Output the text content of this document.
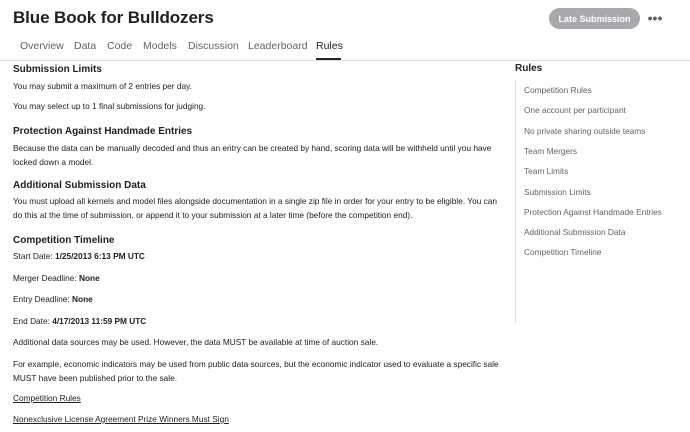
Blue Book for Bulldozers	Late Submission	•••
Overview Data Code Models Discussion Leaderboard Rules
Submission Limits
You may submit a maximum of 2 entries per day.
You may select up to 1 final submissions for judging.
Protection Against Handmade Entries
Because the data can be manually decoded and thus an entry can be created by hand, scoring data will be withheld until you have locked down a model.
Additional Submission Data
You must upload all kernels and model files alongside documentation in a single zip file in order for your entry to be eligible. You can do this at the time of submission, or append it to your submission at a later time (before the competition end).
Competition Timeline
Start Date: 1/25/2013 6:13 PM UTC
Merger Deadline: None
Entry Deadline: None
End Date: 4/17/2013 11:59 PM UTC
Additional data sources may be used. However, the data MUST be available at time of auction sale.
For example, economic indicators may be used from public data sources, but the economic indicator used to evaluate a specific sale MUST have been published prior to the sale.
Competition Rules
Nonexclusive License Agreement Prize Winners Must Sign
Rules
Competition Rules
One account per participant
No private sharing outside teams
Team Mergers
Team Limits
Submission Limits
Protection Against Handmade Entries
Additional Submission Data
Competition Timeline
